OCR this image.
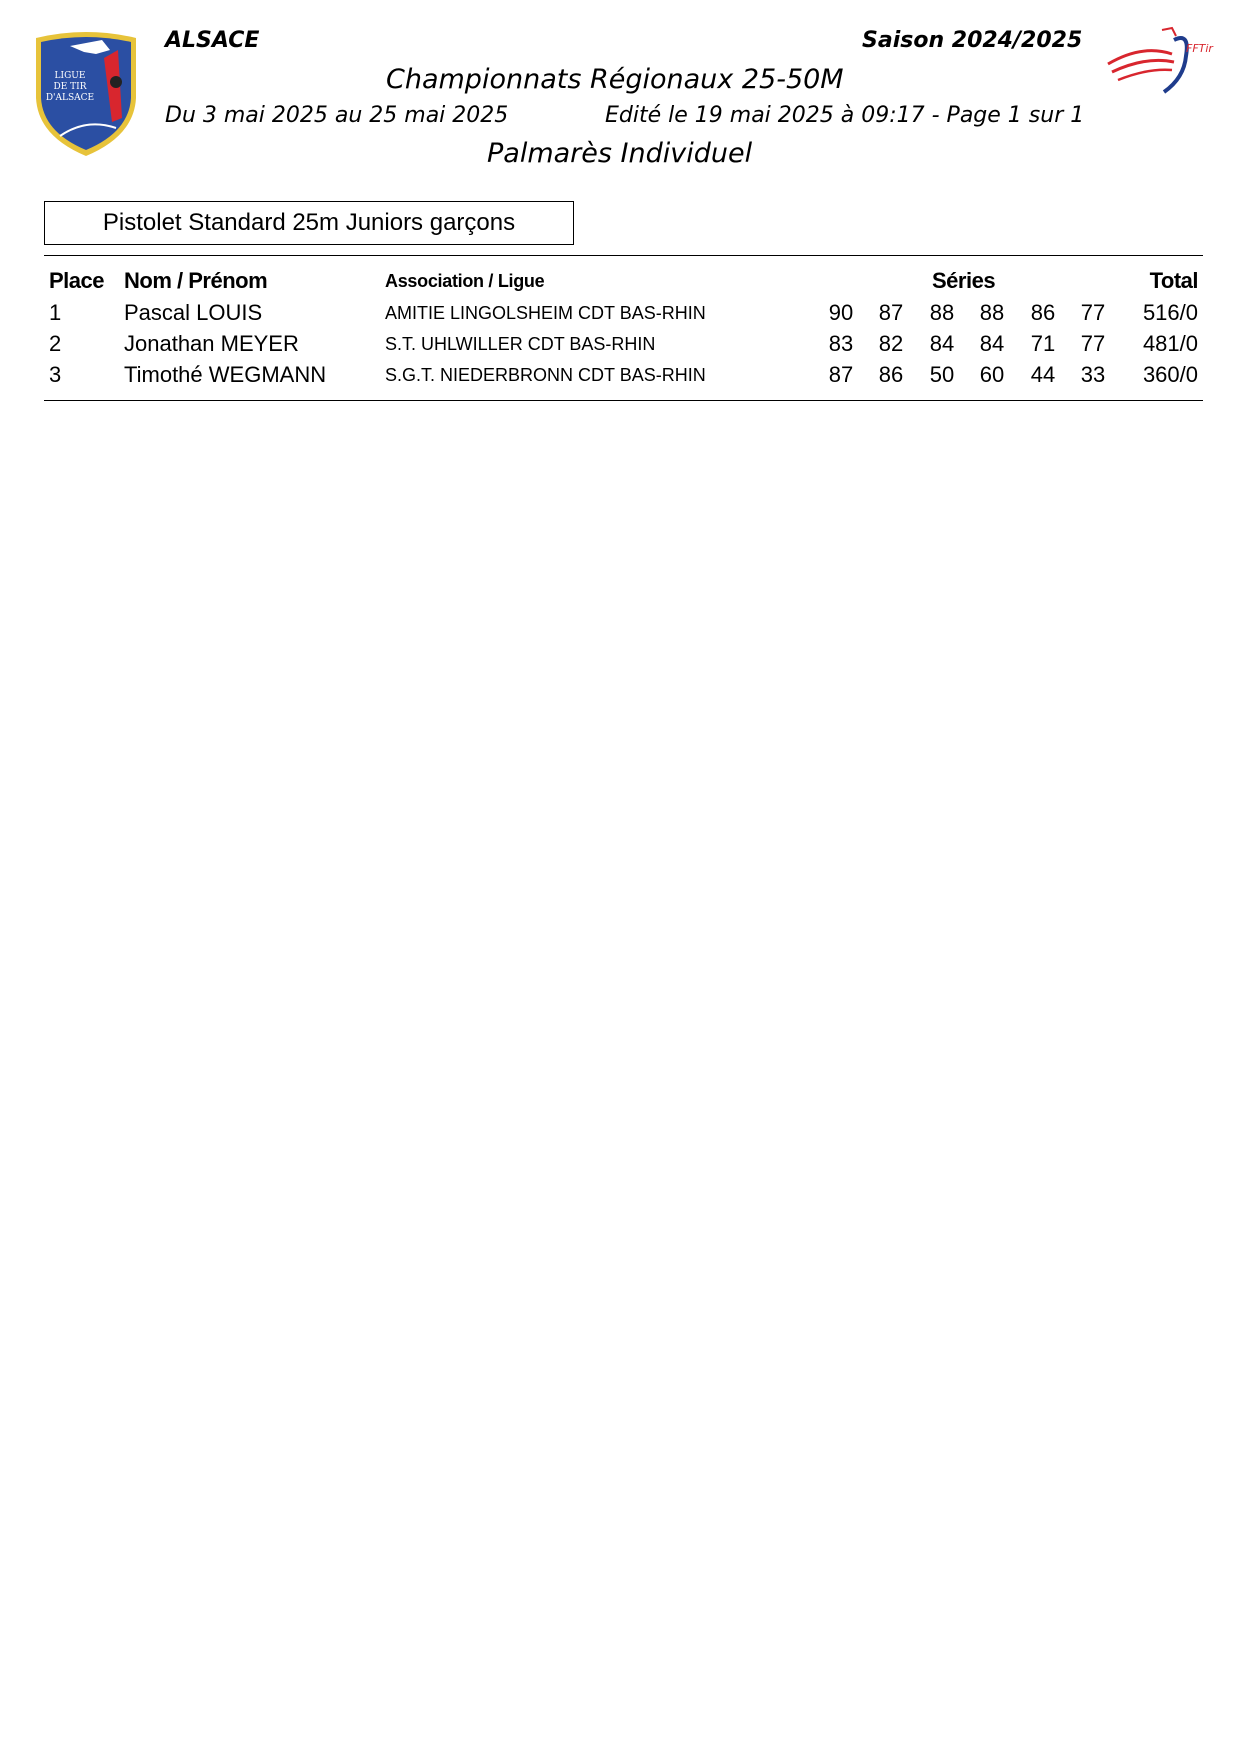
LIGUE
DE TIR
D'ALSACE
FFTir
ALSACE	Saison 2024/2025
Championnats Régionaux 25-50M
Du 3 mai 2025 au 25 mai 2025	Edité le 19 mai 2025 à 09:17 - Page 1 sur 1
Palmarès Individuel
Pistolet Standard 25m Juniors garçons
Place Nom / Prénom	Association / Ligue	Séries	Total
1	Pascal LOUIS	AMITIE LINGOLSHEIM CDT BAS-RHIN	90	87	88	88	86	77	516/0
2	Jonathan MEYER	S.T. UHLWILLER CDT BAS-RHIN	83	82	84	84	71	77	481/0
3	Timothé WEGMANN	S.G.T. NIEDERBRONN CDT BAS-RHIN	87	86	50	60	44	33	360/0
